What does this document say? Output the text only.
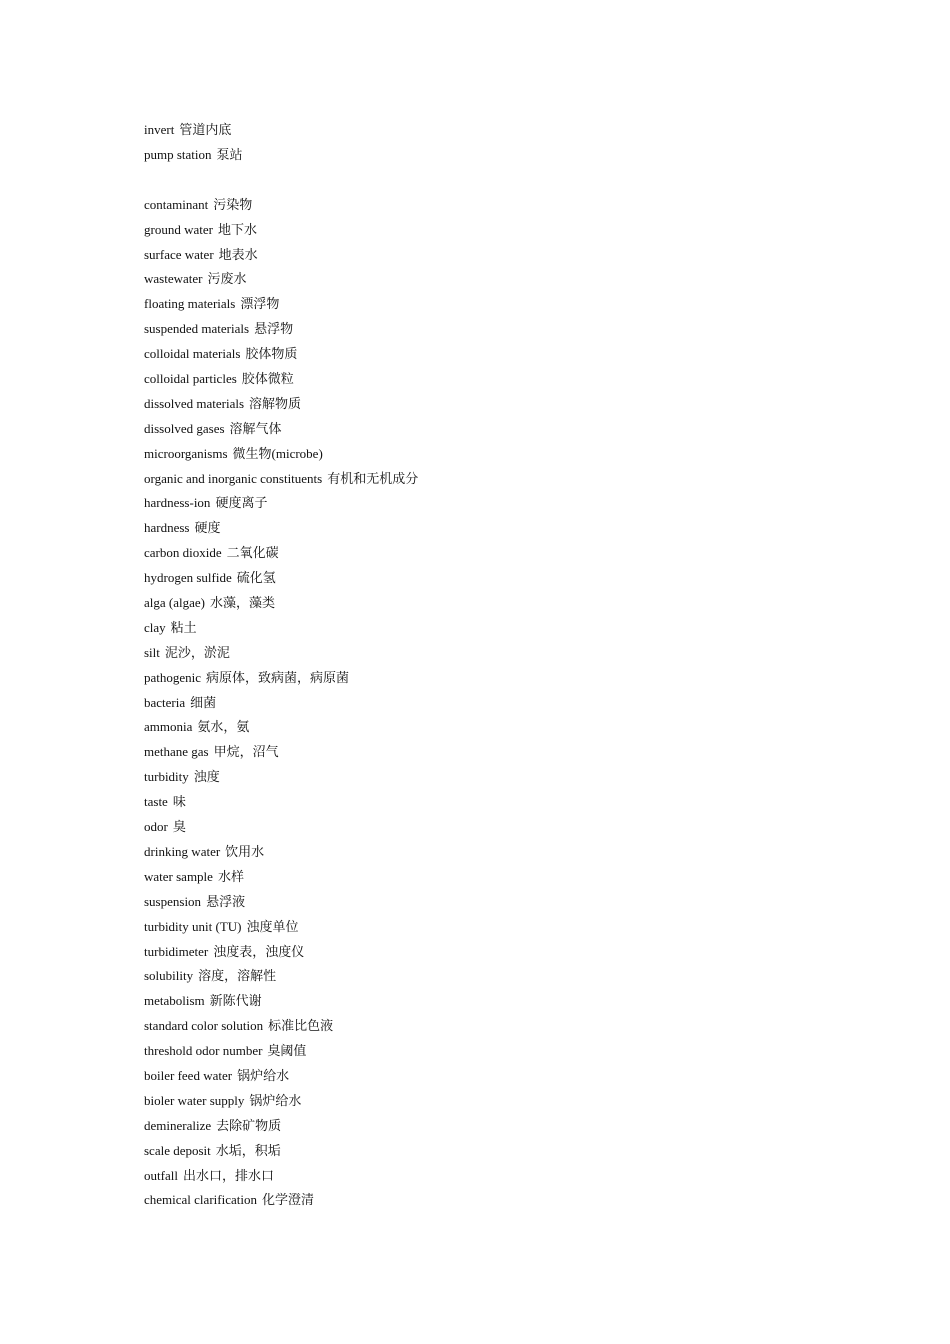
invert 管道内底
pump station 泵站
contaminant 污染物
ground water 地下水
surface water 地表水
wastewater 污废水
floating materials 漂浮物
suspended materials 悬浮物
colloidal materials 胶体物质
colloidal particles 胶体微粒
dissolved materials 溶解物质
dissolved gases 溶解气体
microorganisms 微生物(microbe)
organic and inorganic constituents 有机和无机成分
hardness-ion 硬度离子
hardness 硬度
carbon dioxide 二氧化碳
hydrogen sulfide 硫化氢
alga (algae) 水藻，藻类
clay 粘土
silt 泥沙，淤泥
pathogenic 病原体，致病菌，病原菌
bacteria 细菌
ammonia 氨水，氨
methane gas 甲烷，沼气
turbidity 浊度
taste 味
odor 臭
drinking water 饮用水
water sample 水样
suspension 悬浮液
turbidity unit (TU) 浊度单位
turbidimeter 浊度表，浊度仪
solubility 溶度，溶解性
metabolism 新陈代谢
standard color solution 标准比色液
threshold odor number 臭阈值
boiler feed water 锅炉给水
bioler water supply 锅炉给水
demineralize 去除矿物质
scale deposit 水垢，积垢
outfall 出水口，排水口
chemical clarification 化学澄清
